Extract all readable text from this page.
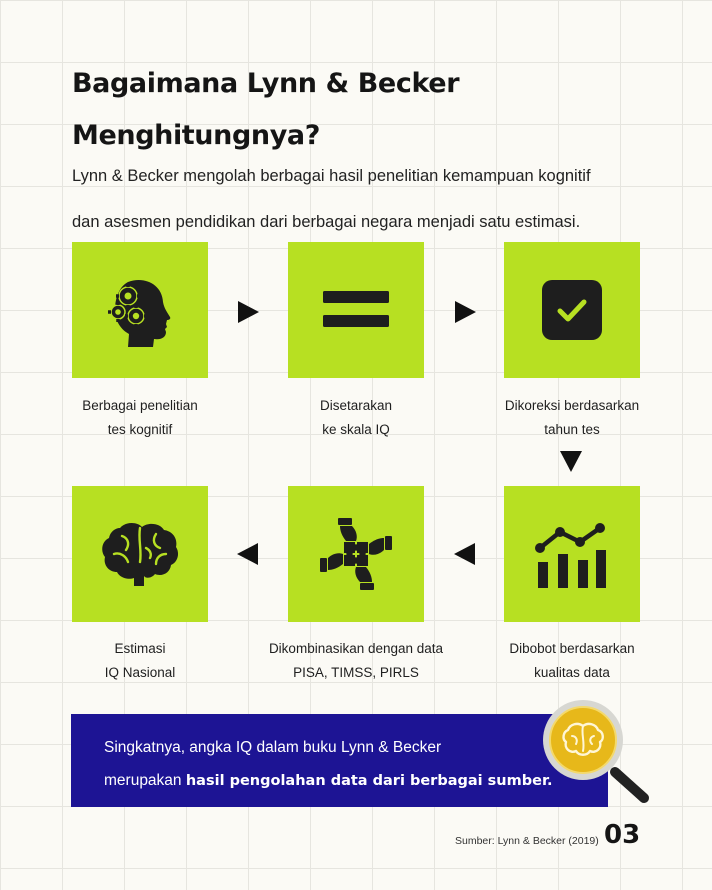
Bagaimana Lynn & Becker
Menghitungnya?
Lynn & Becker mengolah berbagai hasil penelitian kemampuan kognitif
dan asesmen pendidikan dari berbagai negara menjadi satu estimasi.
Berbagai penelitian
tes kognitif
Disetarakan
ke skala IQ
Dikoreksi berdasarkan
tahun tes
Dibobot berdasarkan
kualitas data
Dikombinasikan dengan data
PISA, TIMSS, PIRLS
Estimasi
IQ Nasional
Singkatnya, angka IQ dalam buku Lynn & Becker
merupakan hasil pengolahan data dari berbagai sumber.
Sumber: Lynn & Becker (2019) 03
